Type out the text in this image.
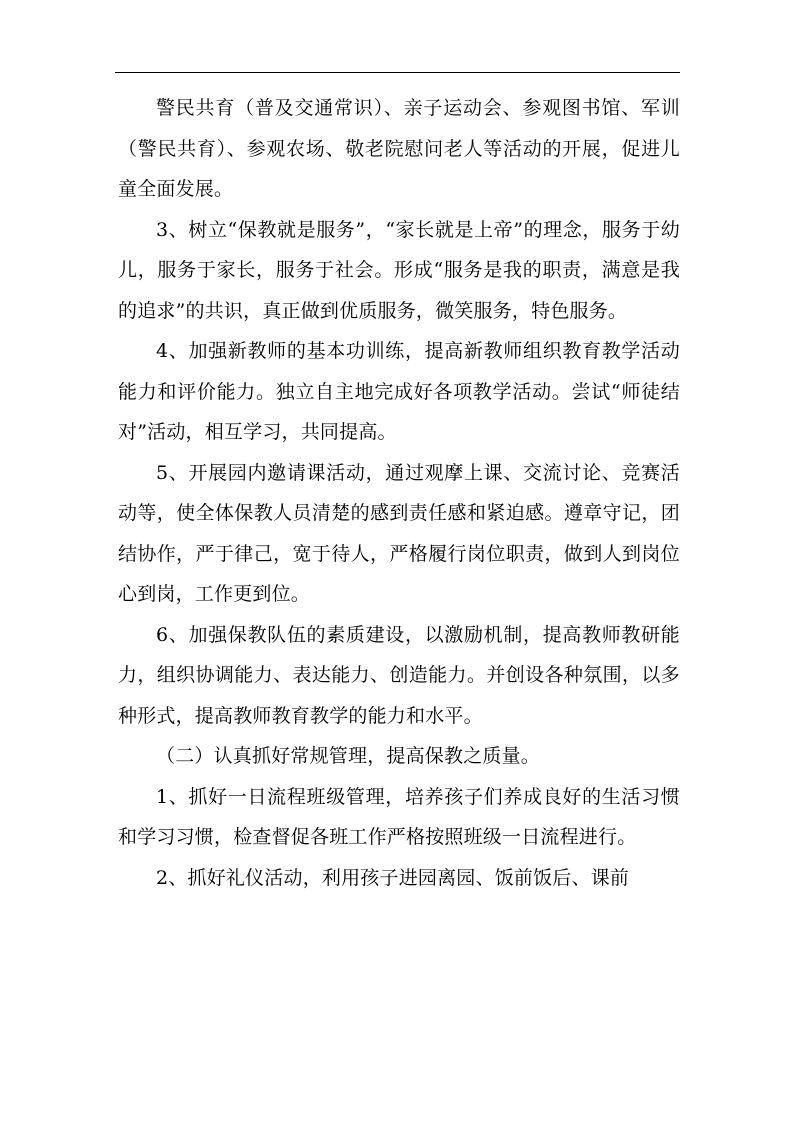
警民共育（普及交通常识）、亲子运动会、参观图书馆、军训（警民共育）、参观农场、敬老院慰问老人等活动的开展，促进儿童全面发展。

3、树立“保教就是服务”，“家长就是上帝”的理念，服务于幼儿，服务于家长，服务于社会。形成“服务是我的职责，满意是我的追求”的共识，真正做到优质服务，微笑服务，特色服务。

4、加强新教师的基本功训练，提高新教师组织教育教学活动能力和评价能力。独立自主地完成好各项教学活动。尝试“师徒结对”活动，相互学习，共同提高。

5、开展园内邀请课活动，通过观摩上课、交流讨论、竞赛活动等，使全体保教人员清楚的感到责任感和紧迫感。遵章守记，团结协作，严于律己，宽于待人，严格履行岗位职责，做到人到岗位心到岗，工作更到位。

6、加强保教队伍的素质建设，以激励机制，提高教师教研能力，组织协调能力、表达能力、创造能力。并创设各种氛围，以多种形式，提高教师教育教学的能力和水平。

（二）认真抓好常规管理，提高保教之质量。

1、抓好一日流程班级管理，培养孩子们养成良好的生活习惯和学习习惯，检查督促各班工作严格按照班级一日流程进行。

2、抓好礼仪活动，利用孩子进园离园、饭前饭后、课前
